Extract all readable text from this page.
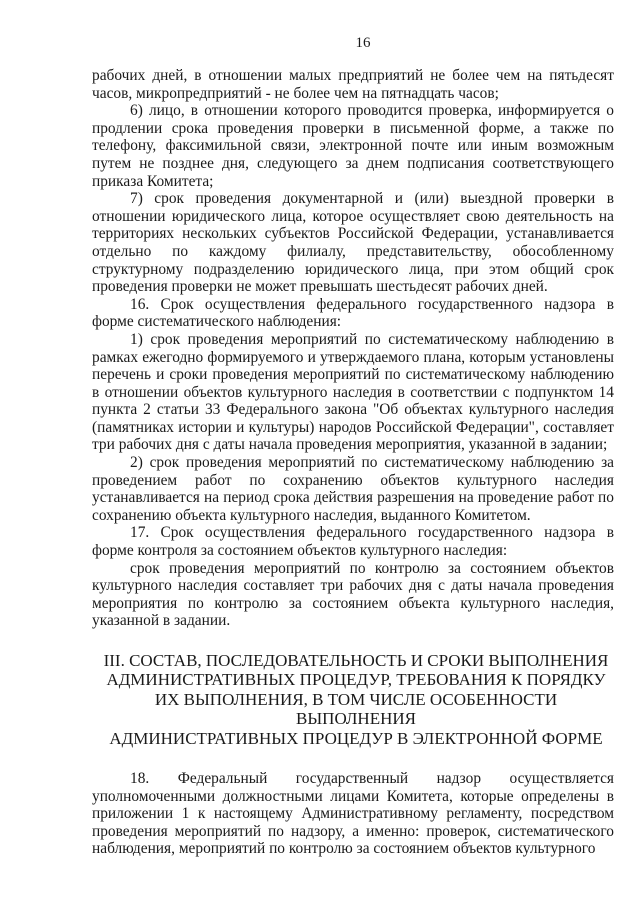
16

рабочих дней, в отношении малых предприятий не более чем на пятьдесят часов, микропредприятий - не более чем на пятнадцать часов;

6) лицо, в отношении которого проводится проверка, информируется о продлении срока проведения проверки в письменной форме, а также по телефону, факсимильной связи, электронной почте или иным возможным путем не позднее дня, следующего за днем подписания соответствующего приказа Комитета;

7) срок проведения документарной и (или) выездной проверки в отношении юридического лица, которое осуществляет свою деятельность на территориях нескольких субъектов Российской Федерации, устанавливается отдельно по каждому филиалу, представительству, обособленному структурному подразделению юридического лица, при этом общий срок проведения проверки не может превышать шестьдесят рабочих дней.

16. Срок осуществления федерального государственного надзора в форме систематического наблюдения:

1) срок проведения мероприятий по систематическому наблюдению в рамках ежегодно формируемого и утверждаемого плана, которым установлены перечень и сроки проведения мероприятий по систематическому наблюдению в отношении объектов культурного наследия в соответствии с подпунктом 14 пункта 2 статьи 33 Федерального закона "Об объектах культурного наследия (памятниках истории и культуры) народов Российской Федерации", составляет три рабочих дня с даты начала проведения мероприятия, указанной в задании;

2) срок проведения мероприятий по систематическому наблюдению за проведением работ по сохранению объектов культурного наследия устанавливается на период срока действия разрешения на проведение работ по сохранению объекта культурного наследия, выданного Комитетом.

17. Срок осуществления федерального государственного надзора в форме контроля за состоянием объектов культурного наследия:

срок проведения мероприятий по контролю за состоянием объектов культурного наследия составляет три рабочих дня с даты начала проведения мероприятия по контролю за состоянием объекта культурного наследия, указанной в задании.

III. СОСТАВ, ПОСЛЕДОВАТЕЛЬНОСТЬ И СРОКИ ВЫПОЛНЕНИЯ
АДМИНИСТРАТИВНЫХ ПРОЦЕДУР, ТРЕБОВАНИЯ К ПОРЯДКУ
ИХ ВЫПОЛНЕНИЯ, В ТОМ ЧИСЛЕ ОСОБЕННОСТИ ВЫПОЛНЕНИЯ
АДМИНИСТРАТИВНЫХ ПРОЦЕДУР В ЭЛЕКТРОННОЙ ФОРМЕ

18. Федеральный государственный надзор осуществляется уполномоченными должностными лицами Комитета, которые определены в приложении 1 к настоящему Административному регламенту, посредством проведения мероприятий по надзору, а именно: проверок, систематического наблюдения, мероприятий по контролю за состоянием объектов культурного
